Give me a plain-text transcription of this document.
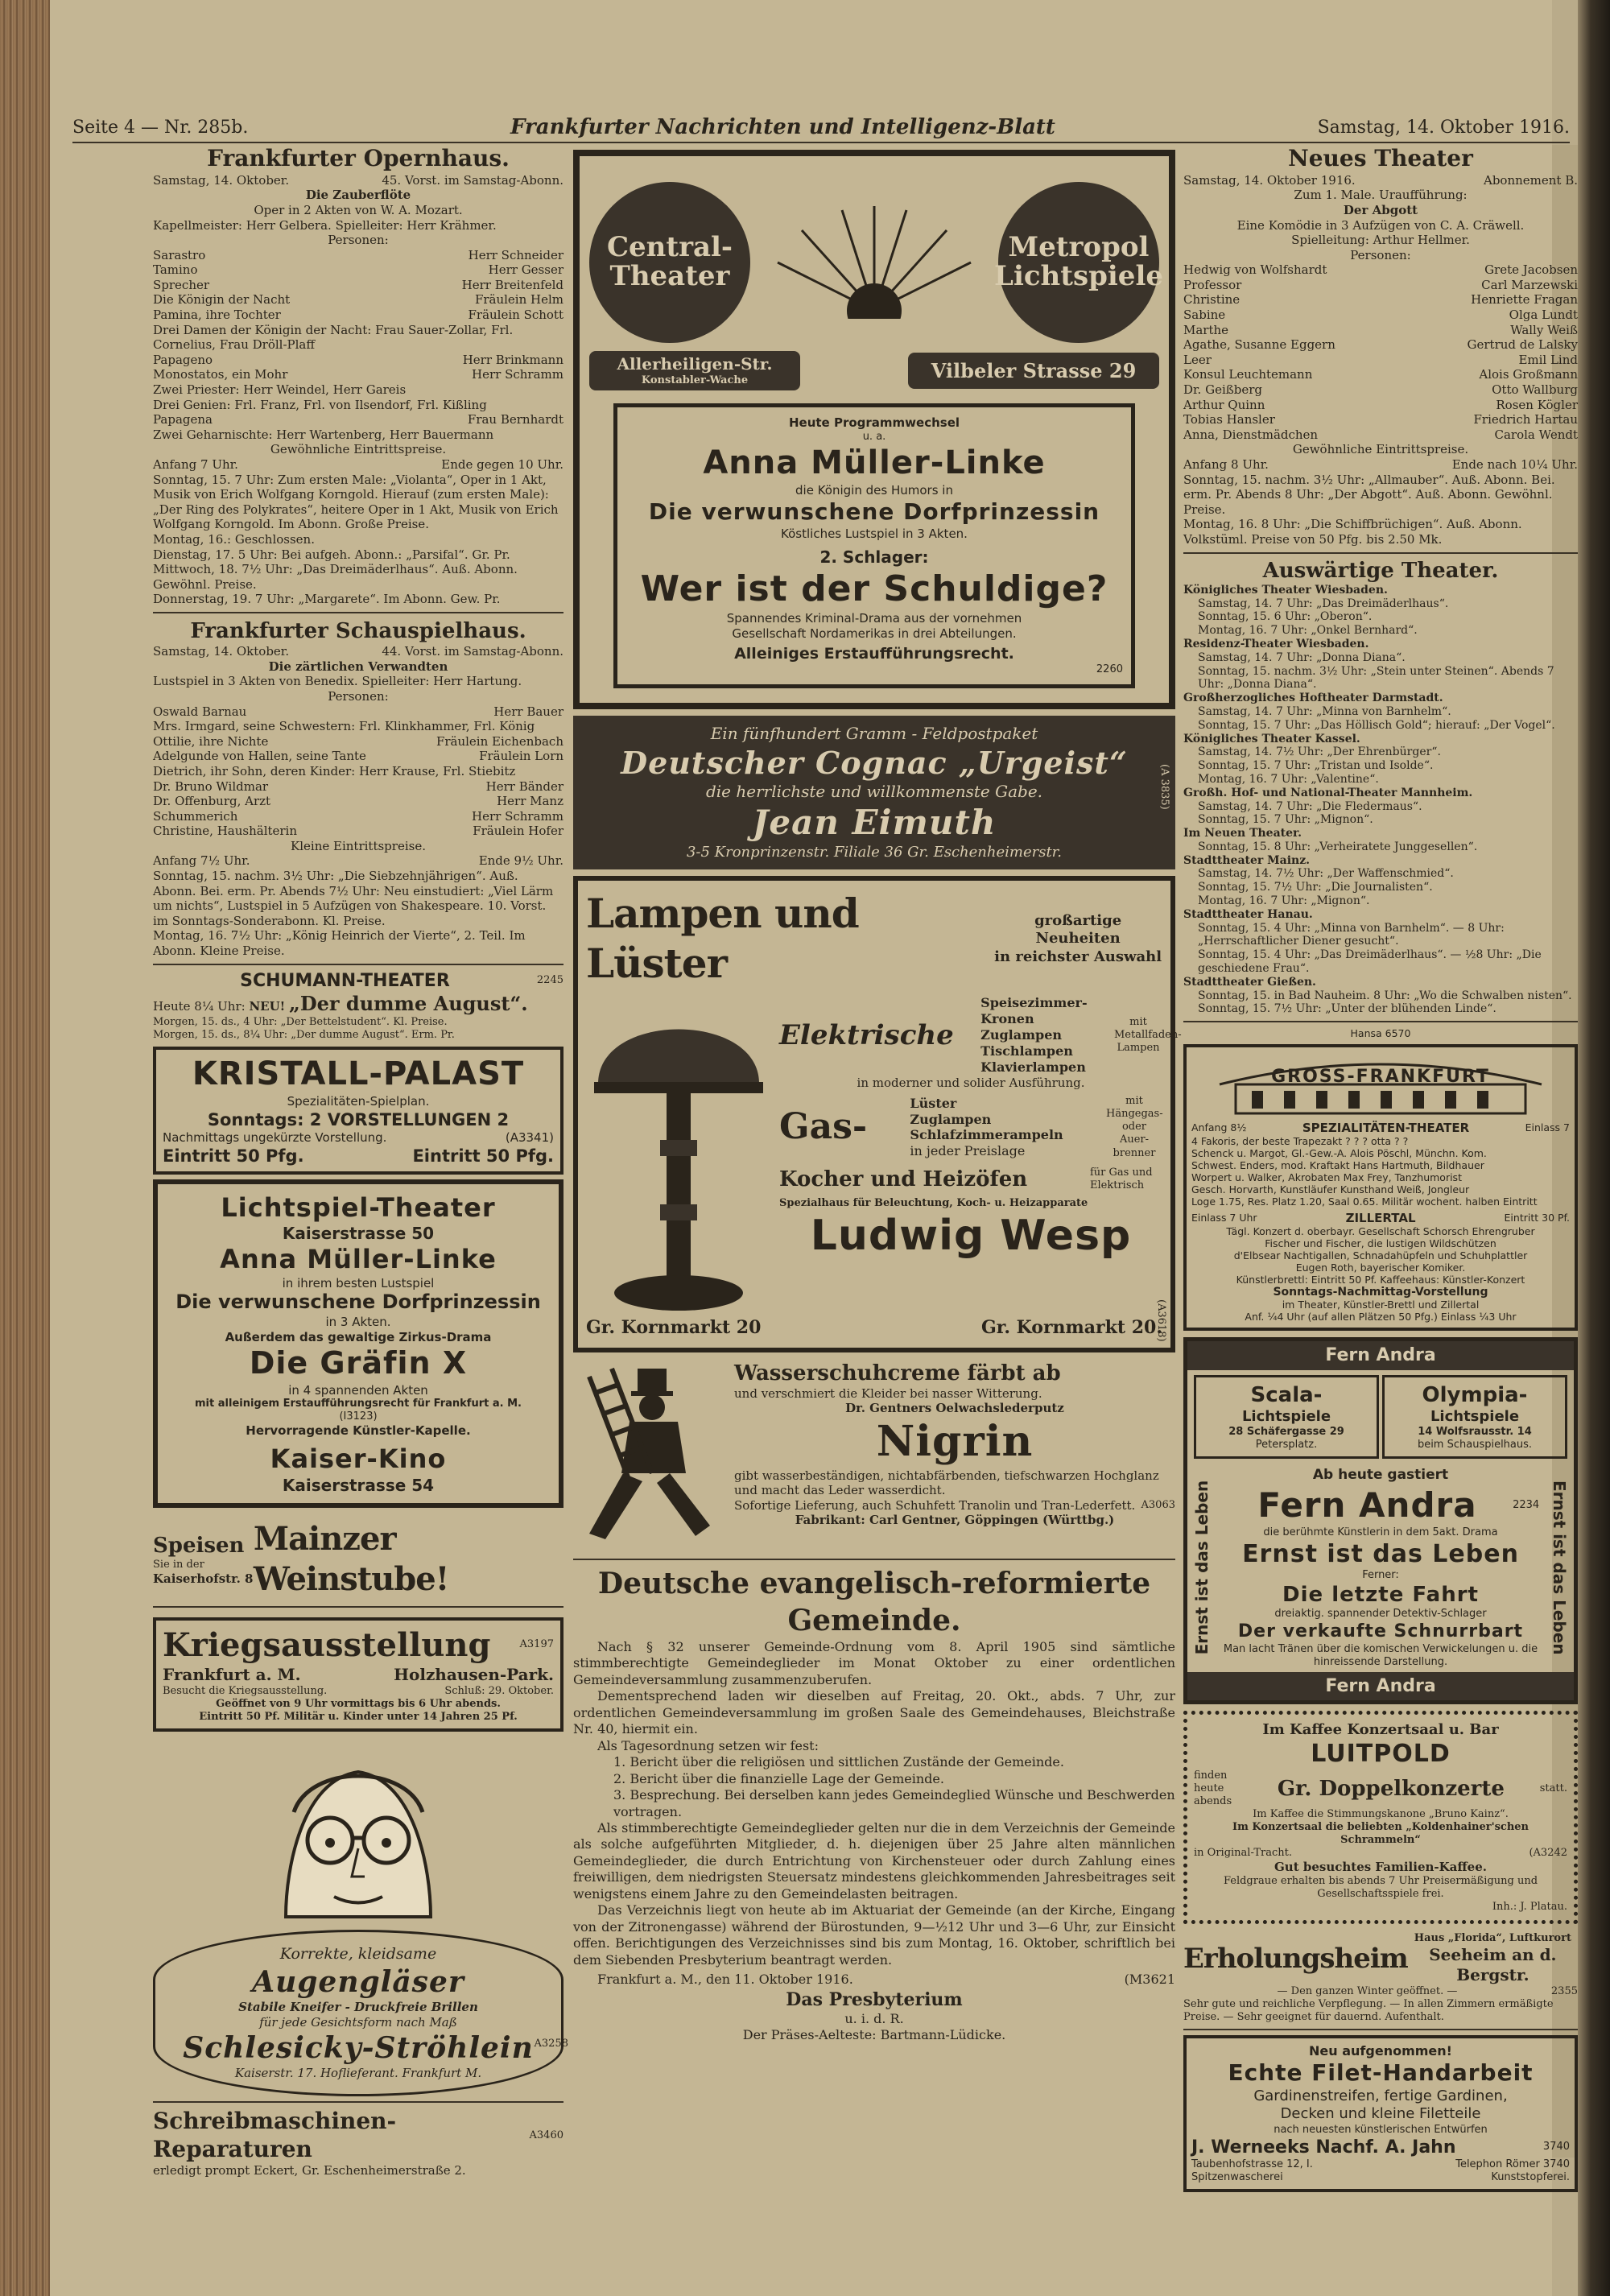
Seite 4 — Nr. 285b.	Frankfurter Nachrichten und Intelligenz-Blatt	Samstag, 14. Oktober 1916.
Frankfurter Opernhaus.
Samstag, 14. Oktober.	45. Vorst. im Samstag-Abonn.
Die Zauberflöte
Oper in 2 Akten von W. A. Mozart.
Kapellmeister: Herr Gelbera. Spielleiter: Herr Krähmer.
Personen:
Sarastro	Herr Schneider
Tamino	Herr Gesser
Sprecher	Herr Breitenfeld
Die Königin der Nacht	Fräulein Helm
Pamina, ihre Tochter	Fräulein Schott
Drei Damen der Königin der Nacht: Frau Sauer-Zollar, Frl. Cornelius, Frau Dröll-Plaff
Papageno	Herr Brinkmann
Monostatos, ein Mohr	Herr Schramm
Zwei Priester: Herr Weindel, Herr Gareis
Drei Genien: Frl. Franz, Frl. von Ilsendorf, Frl. Kißling
Papagena	Frau Bernhardt
Zwei Geharnischte: Herr Wartenberg, Herr Bauermann
Gewöhnliche Eintrittspreise.
Anfang 7 Uhr.	Ende gegen 10 Uhr.
Sonntag, 15. 7 Uhr: Zum ersten Male: „Violanta“, Oper in 1 Akt, Musik von Erich Wolfgang Korngold. Hierauf (zum ersten Male): „Der Ring des Polykrates“, heitere Oper in 1 Akt, Musik von Erich Wolfgang Korngold. Im Abonn. Große Preise.
Montag, 16.: Geschlossen.
Dienstag, 17. 5 Uhr: Bei aufgeh. Abonn.: „Parsifal“. Gr. Pr.
Mittwoch, 18. 7½ Uhr: „Das Dreimäderlhaus“. Auß. Abonn. Gewöhnl. Preise.
Donnerstag, 19. 7 Uhr: „Margarete“. Im Abonn. Gew. Pr.
Frankfurter Schauspielhaus.
Samstag, 14. Oktober.	44. Vorst. im Samstag-Abonn.
Die zärtlichen Verwandten
Lustspiel in 3 Akten von Benedix. Spielleiter: Herr Hartung.
Personen:
Oswald Barnau	Herr Bauer
Mrs. Irmgard, seine Schwestern: Frl. Klinkhammer, Frl. König
Ottilie, ihre Nichte	Fräulein Eichenbach
Adelgunde von Hallen, seine Tante	Fräulein Lorn
Dietrich, ihr Sohn, deren Kinder: Herr Krause, Frl. Stiebitz
Dr. Bruno Wildmar	Herr Bänder
Dr. Offenburg, Arzt	Herr Manz
Schummerich	Herr Schramm
Christine, Haushälterin	Fräulein Hofer
Kleine Eintrittspreise.
Anfang 7½ Uhr.	Ende 9½ Uhr.
Sonntag, 15. nachm. 3½ Uhr: „Die Siebzehnjährigen“. Auß. Abonn. Bei. erm. Pr. Abends 7½ Uhr: Neu einstudiert: „Viel Lärm um nichts“, Lustspiel in 5 Aufzügen von Shakespeare. 10. Vorst. im Sonntags-Sonderabonn. Kl. Preise.
Montag, 16. 7½ Uhr: „König Heinrich der Vierte“, 2. Teil. Im Abonn. Kleine Preise.
SCHUMANN-THEATER	2245
Heute 8¼ Uhr: NEU! „Der dumme August“.
Morgen, 15. ds., 4 Uhr: „Der Bettelstudent“. Kl. Preise.
Morgen, 15. ds., 8¼ Uhr: „Der dumme August“. Erm. Pr.
KRISTALL-PALAST
Spezialitäten-Spielplan.
Sonntags: 2 VORSTELLUNGEN 2
Nachmittags ungekürzte Vorstellung.	(A3341)
Eintritt 50 Pfg.	Eintritt 50 Pfg.
Lichtspiel-Theater
Kaiserstrasse 50
Anna Müller-Linke
in ihrem besten Lustspiel
Die verwunschene Dorfprinzessin
in 3 Akten.
Außerdem das gewaltige Zirkus-Drama
Die Gräfin X
in 4 spannenden Akten
mit alleinigem Erstaufführungsrecht für Frankfurt a. M.
(I3123)
Hervorragende Künstler-Kapelle.
Kaiser-Kino
Kaiserstrasse 54
Speisen
Sie in der
Kaiserhofstr. 8
Mainzer Weinstube!
Kriegsausstellung	A3197
Frankfurt a. M.	Holzhausen-Park.
Besucht die Kriegsausstellung.	Schluß: 29. Oktober.
Geöffnet von 9 Uhr vormittags bis 6 Uhr abends.
Eintritt 50 Pf. Militär u. Kinder unter 14 Jahren 25 Pf.
Korrekte, kleidsame
Augengläser
Stabile Kneifer - Druckfreie Brillen
für jede Gesichtsform nach Maß
Schlesicky-Ströhlein
Kaiserstr. 17. Hoflieferant. Frankfurt M.
A3258
Schreibmaschinen-Reparaturen
A3460
erledigt prompt Eckert, Gr. Eschenheimerstraße 2.
Central-Theater
Metropol Lichtspiele
Allerheiligen-Str.
Konstabler-Wache	Vilbeler Strasse 29
Heute Programmwechsel
u. a.
Anna Müller-Linke
die Königin des Humors in
Die verwunschene Dorfprinzessin
Köstliches Lustspiel in 3 Akten.
2. Schlager:
Wer ist der Schuldige?
Spannendes Kriminal-Drama aus der vornehmen
Gesellschaft Nordamerikas in drei Abteilungen.
Alleiniges Erstaufführungsrecht.
2260
Ein fünfhundert Gramm - Feldpostpaket
Deutscher Cognac „Urgeist“
die herrlichste und willkommenste Gabe.
Jean Eimuth
3-5 Kronprinzenstr. Filiale 36 Gr. Eschenheimerstr.
(A 3835)
Lampen und Lüster
großartige Neuheiten
in reichster Auswahl
Elektrische
Speisezimmer-
Kronen
Zuglampen
Tischlampen
Klavierlampen
mit Metallfaden-Lampen
in moderner und solider Ausführung.
Gas-
Lüster
Zuglampen
Schlafzimmerampeln
in jeder Preislage
mit Hängegas- oder Auer-brenner
Kocher und Heizöfen	für Gas und Elektrisch
Spezialhaus für Beleuchtung, Koch- u. Heizapparate
Ludwig Wesp
Gr. Kornmarkt 20	Gr. Kornmarkt 20.
(A3618)
Wasserschuhcreme färbt ab
und verschmiert die Kleider bei nasser Witterung.
Dr. Gentners Oelwachslederputz
Nigrin
gibt wasserbeständigen, nichtabfärbenden, tiefschwarzen Hochglanz und macht das Leder wasserdicht.
Sofortige Lieferung, auch Schuhfett Tranolin und Tran-Lederfett. A3063
Fabrikant: Carl Gentner, Göppingen (Württbg.)
Deutsche evangelisch-reformierte Gemeinde.
Nach § 32 unserer Gemeinde-Ordnung vom 8. April 1905 sind sämtliche stimmberechtigte Gemeindeglieder im Monat Oktober zu einer ordentlichen Gemeindeversammlung zusammenzuberufen.
Dementsprechend laden wir dieselben auf Freitag, 20. Okt., abds. 7 Uhr, zur ordentlichen Gemeindeversammlung im großen Saale des Gemeindehauses, Bleichstraße Nr. 40, hiermit ein.
Als Tagesordnung setzen wir fest:
1. Bericht über die religiösen und sittlichen Zustände der Gemeinde.
2. Bericht über die finanzielle Lage der Gemeinde.
3. Besprechung. Bei derselben kann jedes Gemeindeglied Wünsche und Beschwerden vortragen.
Als stimmberechtigte Gemeindeglieder gelten nur die in dem Verzeichnis der Gemeinde als solche aufgeführten Mitglieder, d. h. diejenigen über 25 Jahre alten männlichen Gemeindeglieder, die durch Entrichtung von Kirchensteuer oder durch Zahlung eines freiwilligen, dem niedrigsten Steuersatz mindestens gleichkommenden Jahresbeitrages seit wenigstens einem Jahre zu den Gemeindelasten beitragen.
Das Verzeichnis liegt von heute ab im Aktuariat der Gemeinde (an der Kirche, Eingang von der Zitronengasse) während der Bürostunden, 9—½12 Uhr und 3—6 Uhr, zur Einsicht offen. Berichtigungen des Verzeichnisses sind bis zum Montag, 16. Oktober, schriftlich bei dem Siebenden Presbyterium beantragt werden.
Frankfurt a. M., den 11. Oktober 1916.	(M3621
Das Presbyterium
u. i. d. R.
Der Präses-Aelteste: Bartmann-Lüdicke.
Neues Theater
Samstag, 14. Oktober 1916.	Abonnement B.
Zum 1. Male. Uraufführung:
Der Abgott
Eine Komödie in 3 Aufzügen von C. A. Cräwell.
Spielleitung: Arthur Hellmer.
Personen:
Hedwig von Wolfshardt	Grete Jacobsen
Professor	Carl Marzewski
Christine	Henriette Fragan
Sabine	Olga Lundt
Marthe	Wally Weiß
Agathe, Susanne Eggern	Gertrud de Lalsky
Leer	Emil Lind
Konsul Leuchtemann	Alois Großmann
Dr. Geißberg	Otto Wallburg
Arthur Quinn	Rosen Kögler
Tobias Hansler	Friedrich Hartau
Anna, Dienstmädchen	Carola Wendt
Gewöhnliche Eintrittspreise.
Anfang 8 Uhr.	Ende nach 10¼ Uhr.
Sonntag, 15. nachm. 3½ Uhr: „Allmauber“. Auß. Abonn. Bei. erm. Pr. Abends 8 Uhr: „Der Abgott“. Auß. Abonn. Gewöhnl. Preise.
Montag, 16. 8 Uhr: „Die Schiffbrüchigen“. Auß. Abonn. Volkstüml. Preise von 50 Pfg. bis 2.50 Mk.
Auswärtige Theater.
Königliches Theater Wiesbaden.
Samstag, 14. 7 Uhr: „Das Dreimäderlhaus“.
Sonntag, 15. 6 Uhr: „Oberon“.
Montag, 16. 7 Uhr: „Onkel Bernhard“.
Residenz-Theater Wiesbaden.
Samstag, 14. 7 Uhr: „Donna Diana“.
Sonntag, 15. nachm. 3½ Uhr: „Stein unter Steinen“. Abends 7 Uhr: „Donna Diana“.
Großherzogliches Hoftheater Darmstadt.
Samstag, 14. 7 Uhr: „Minna von Barnhelm“.
Sonntag, 15. 7 Uhr: „Das Höllisch Gold“; hierauf: „Der Vogel“.
Königliches Theater Kassel.
Samstag, 14. 7½ Uhr: „Der Ehrenbürger“.
Sonntag, 15. 7 Uhr: „Tristan und Isolde“.
Montag, 16. 7 Uhr: „Valentine“.
Großh. Hof- und National-Theater Mannheim.
Samstag, 14. 7 Uhr: „Die Fledermaus“.
Sonntag, 15. 7 Uhr: „Mignon“.
Im Neuen Theater.
Sonntag, 15. 8 Uhr: „Verheiratete Junggesellen“.
Stadttheater Mainz.
Samstag, 14. 7½ Uhr: „Der Waffenschmied“.
Sonntag, 15. 7½ Uhr: „Die Journalisten“.
Montag, 16. 7 Uhr: „Mignon“.
Stadttheater Hanau.
Sonntag, 15. 4 Uhr: „Minna von Barnhelm“. — 8 Uhr: „Herrschaftlicher Diener gesucht“.
Sonntag, 15. 4 Uhr: „Das Dreimäderlhaus“. — ½8 Uhr: „Die geschiedene Frau“.
Stadttheater Gießen.
Sonntag, 15. in Bad Nauheim. 8 Uhr: „Wo die Schwalben nisten“.
Sonntag, 15. 7½ Uhr: „Unter der blühenden Linde“.
Hansa 6570
GROSS-FRANKFURT
Anfang 8½	SPEZIALITÄTEN-THEATER	Einlass 7
4 Fakoris, der beste Trapezakt ? ? ? otta ? ?
Schenck u. Margot, Gl.-Gew.-A. Alois Pöschl, Münchn. Kom.
Schwest. Enders, mod. Kraftakt Hans Hartmuth, Bildhauer
Worpert u. Walker, Akrobaten Max Frey, Tanzhumorist
Gesch. Horvarth, Kunstläufer Kunsthand Weiß, Jongleur
Loge 1.75, Res. Platz 1.20, Saal 0.65. Militär wochent. halben Eintritt
Einlass 7 Uhr	ZILLERTAL	Eintritt 30 Pf.
Tägl. Konzert d. oberbayr. Gesellschaft Schorsch Ehrengruber
Fischer und Fischer, die lustigen Wildschützen
d'Elbsear Nachtigallen, Schnadahüpfeln und Schuhplattler
Eugen Roth, bayerischer Komiker.
Künstlerbrettl: Eintritt 50 Pf. Kaffeehaus: Künstler-Konzert
Sonntags-Nachmittag-Vorstellung
im Theater, Künstler-Brettl und Zillertal
Anf. ¼4 Uhr (auf allen Plätzen 50 Pfg.) Einlass ¼3 Uhr
Fern Andra
Scala-
Lichtspiele
28 Schäfergasse 29
Petersplatz.
Olympia-
Lichtspiele
14 Wolfsrausstr. 14
beim Schauspielhaus.
Ernst ist das Leben
Ab heute gastiert
Fern Andra	2234
die berühmte Künstlerin in dem 5akt. Drama
Ernst ist das Leben
Ferner:
Die letzte Fahrt
dreiaktig. spannender Detektiv-Schlager
Der verkaufte Schnurrbart
Man lacht Tränen über die komischen Verwickelungen u. die hinreissende Darstellung.
Ernst ist das Leben
Fern Andra
Im Kaffee Konzertsaal u. Bar
LUITPOLD
finden heute abends
Gr. Doppelkonzerte	statt.
Im Kaffee die Stimmungskanone „Bruno Kainz“.
Im Konzertsaal die beliebten „Koldenhainer'schen Schrammeln“
in Original-Tracht.	(A3242
Gut besuchtes Familien-Kaffee.
Feldgraue erhalten bis abends 7 Uhr Preisermäßigung und Gesellschaftsspiele frei.
Inh.: J. Platau.
Erholungsheim
Haus „Florida“, Luftkurort
Seeheim an d. Bergstr.
— Den ganzen Winter geöffnet. —	2355
Sehr gute und reichliche Verpflegung. — In allen Zimmern ermäßigte Preise. — Sehr geeignet für dauernd. Aufenthalt.
Neu aufgenommen!
Echte Filet-Handarbeit
Gardinenstreifen, fertige Gardinen,
Decken und kleine Filetteile
nach neuesten künstlerischen Entwürfen
J. Werneeks Nachf. A. Jahn	3740
Taubenhofstrasse 12, I.	Telephon Römer 3740
Spitzenwascherei	Kunststopferei.
